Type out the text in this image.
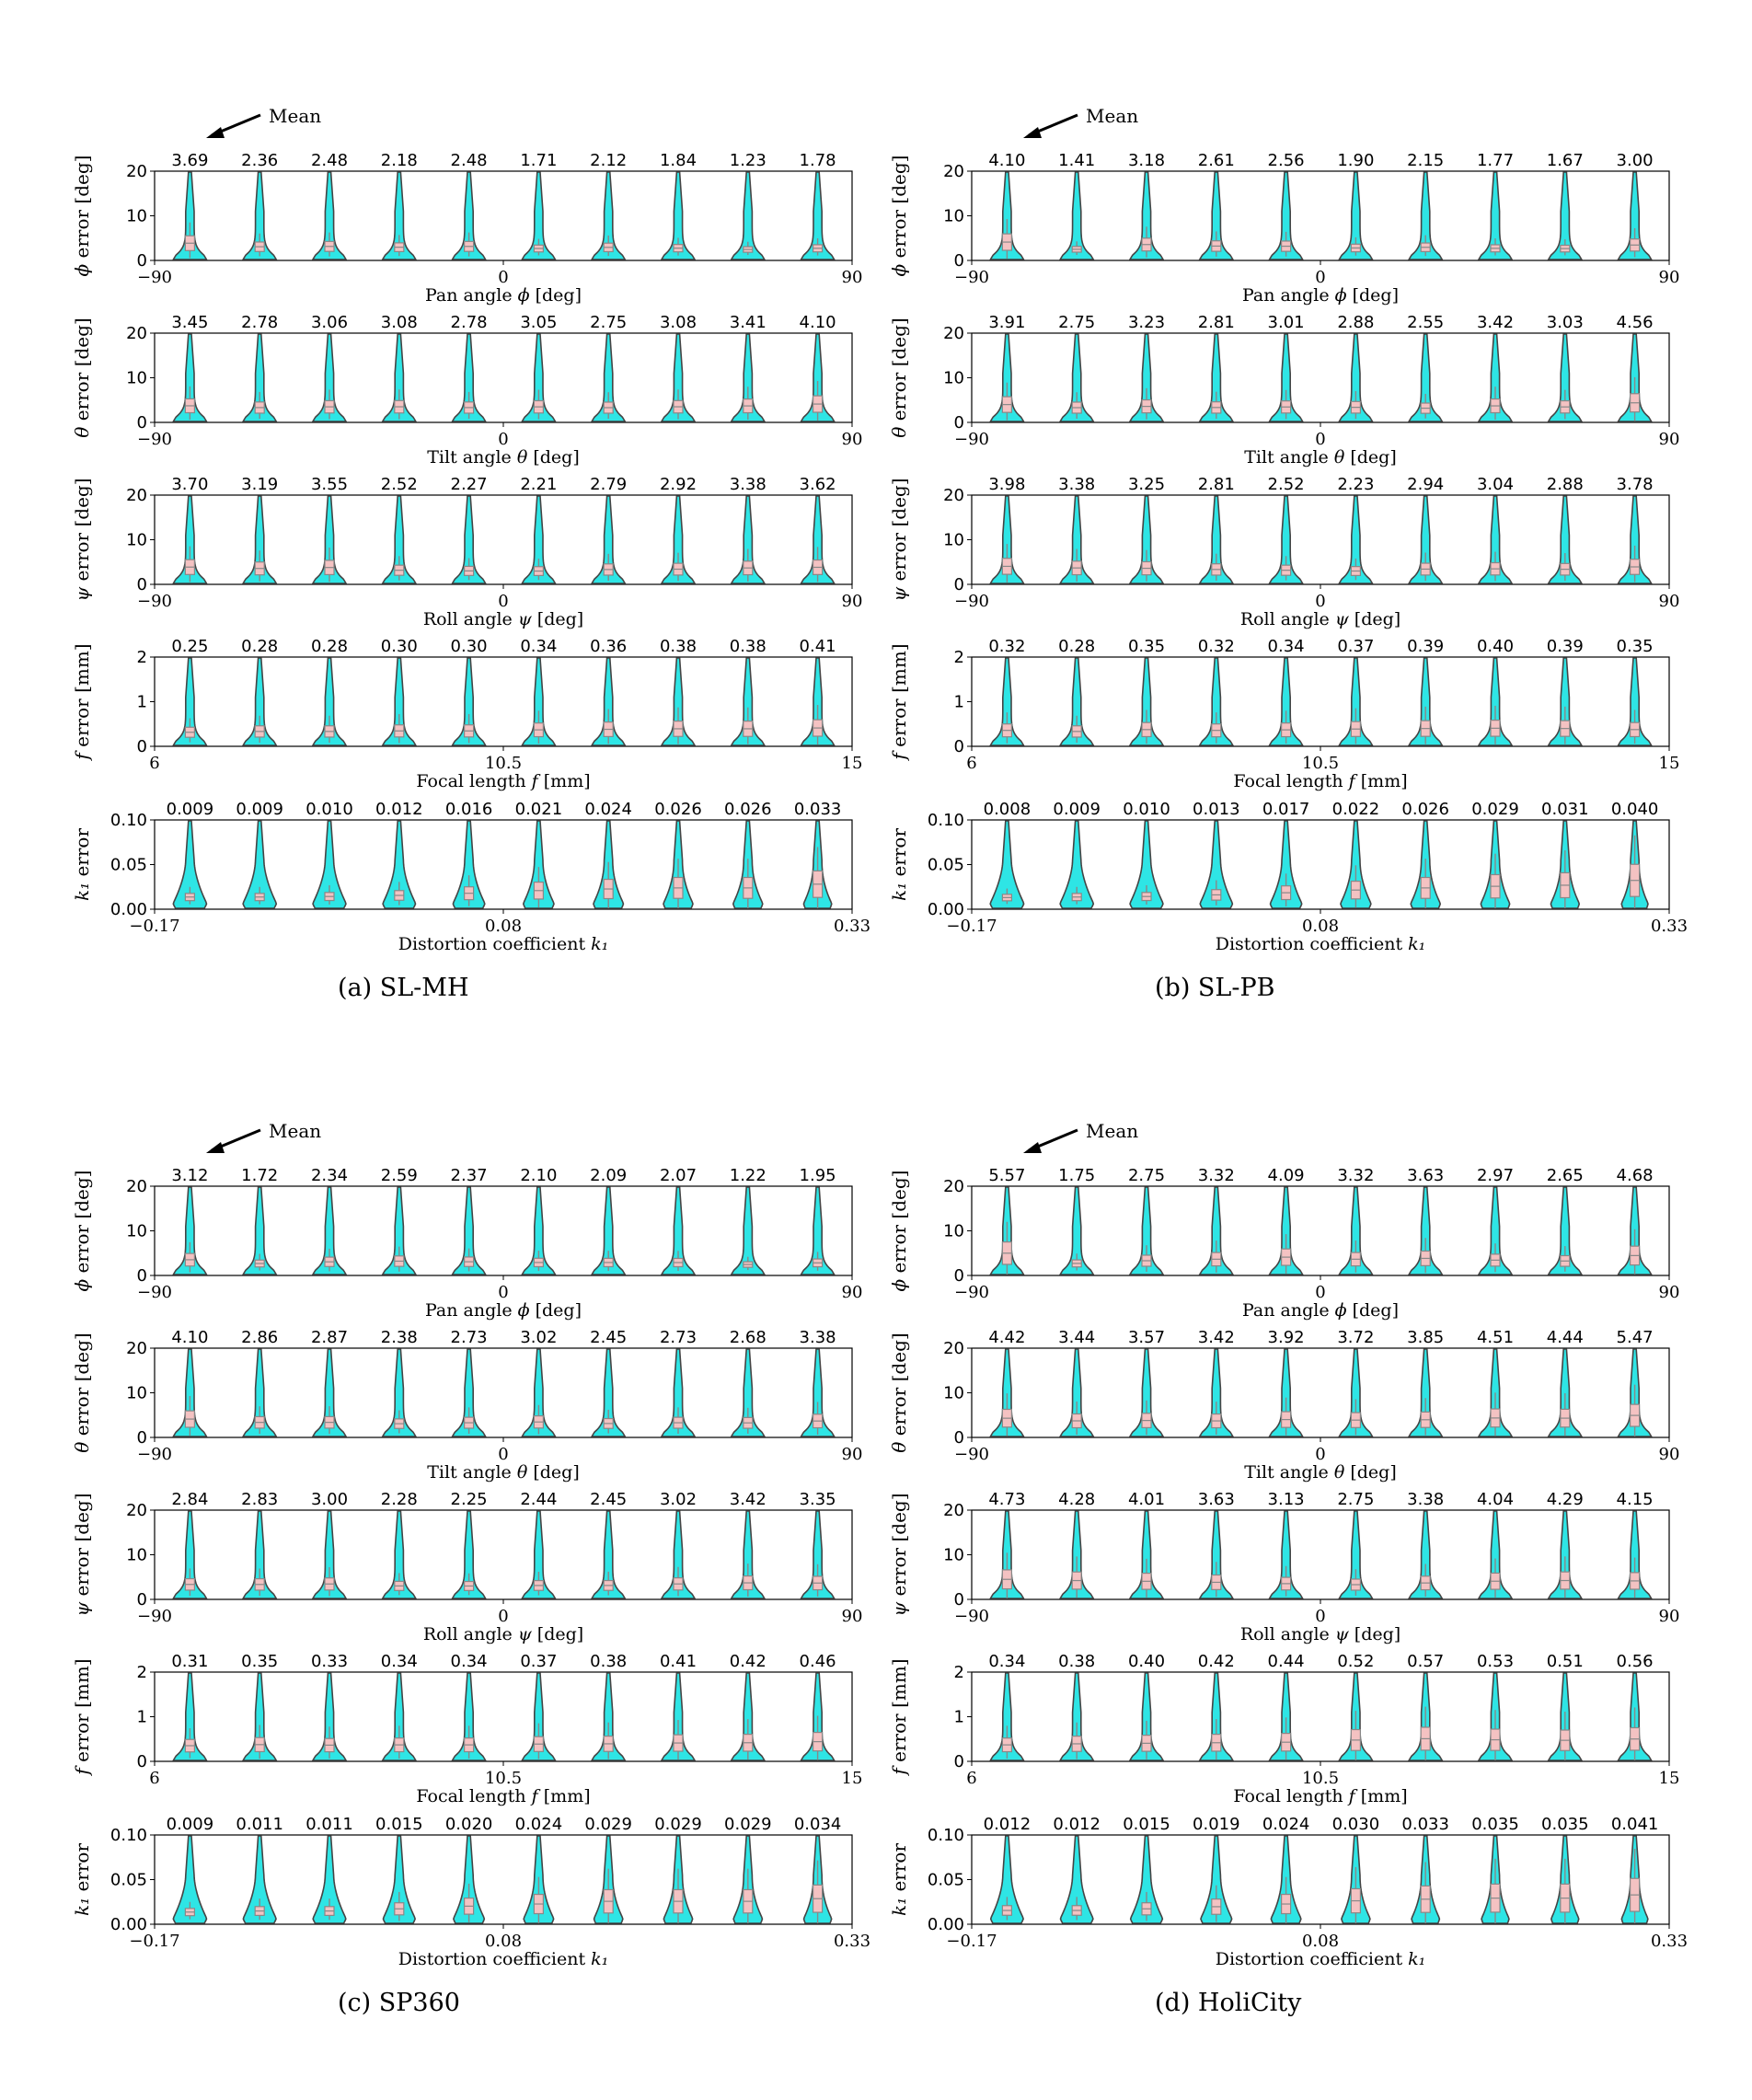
0
10
20
−90	0	90
ϕ error [deg]
Pan angle ϕ [deg]
3.69 2.36 2.48 2.18 2.48 1.71 2.12 1.84 1.23 1.78
0
10
20
−90	0	90
θ error [deg]
Tilt angle θ [deg]
3.45 2.78 3.06 3.08 2.78 3.05 2.75 3.08 3.41 4.10
0
10
20
−90	0	90
ψ error [deg]
Roll angle ψ [deg]
3.70 3.19 3.55 2.52 2.27 2.21 2.79 2.92 3.38 3.62
0
1
2
6	10.5	15
f error [mm]
Focal length f [mm]
0.25 0.28 0.28 0.30 0.30 0.34 0.36 0.38 0.38 0.41
0.00
0.05
0.10
−0.17	0.08	0.33
k₁ error
Distortion coefficient k₁
0.009 0.009 0.010 0.012 0.016 0.021 0.024 0.026 0.026 0.033
Mean
(a) SL-MH
0
10
20
−90	0	90
ϕ error [deg]
Pan angle ϕ [deg]
4.10 1.41 3.18 2.61 2.56 1.90 2.15 1.77 1.67 3.00
0
10
20
−90	0	90
θ error [deg]
Tilt angle θ [deg]
3.91 2.75 3.23 2.81 3.01 2.88 2.55 3.42 3.03 4.56
0
10
20
−90	0	90
ψ error [deg]
Roll angle ψ [deg]
3.98 3.38 3.25 2.81 2.52 2.23 2.94 3.04 2.88 3.78
0
1
2
6	10.5	15
f error [mm]
Focal length f [mm]
0.32 0.28 0.35 0.32 0.34 0.37 0.39 0.40 0.39 0.35
0.00
0.05
0.10
−0.17	0.08	0.33
k₁ error
Distortion coefficient k₁
0.008 0.009 0.010 0.013 0.017 0.022 0.026 0.029 0.031 0.040
Mean
(b) SL-PB
0
10
20
−90	0	90
ϕ error [deg]
Pan angle ϕ [deg]
3.12 1.72 2.34 2.59 2.37 2.10 2.09 2.07 1.22 1.95
0
10
20
−90	0	90
θ error [deg]
Tilt angle θ [deg]
4.10 2.86 2.87 2.38 2.73 3.02 2.45 2.73 2.68 3.38
0
10
20
−90	0	90
ψ error [deg]
Roll angle ψ [deg]
2.84 2.83 3.00 2.28 2.25 2.44 2.45 3.02 3.42 3.35
0
1
2
6	10.5	15
f error [mm]
Focal length f [mm]
0.31 0.35 0.33 0.34 0.34 0.37 0.38 0.41 0.42 0.46
0.00
0.05
0.10
−0.17	0.08	0.33
k₁ error
Distortion coefficient k₁
0.009 0.011 0.011 0.015 0.020 0.024 0.029 0.029 0.029 0.034
Mean
(c) SP360
0
10
20
−90	0	90
ϕ error [deg]
Pan angle ϕ [deg]
5.57 1.75 2.75 3.32 4.09 3.32 3.63 2.97 2.65 4.68
0
10
20
−90	0	90
θ error [deg]
Tilt angle θ [deg]
4.42 3.44 3.57 3.42 3.92 3.72 3.85 4.51 4.44 5.47
0
10
20
−90	0	90
ψ error [deg]
Roll angle ψ [deg]
4.73 4.28 4.01 3.63 3.13 2.75 3.38 4.04 4.29 4.15
0
1
2
6	10.5	15
f error [mm]
Focal length f [mm]
0.34 0.38 0.40 0.42 0.44 0.52 0.57 0.53 0.51 0.56
0.00
0.05
0.10
−0.17	0.08	0.33
k₁ error
Distortion coefficient k₁
0.012 0.012 0.015 0.019 0.024 0.030 0.033 0.035 0.035 0.041
Mean
(d) HoliCity
